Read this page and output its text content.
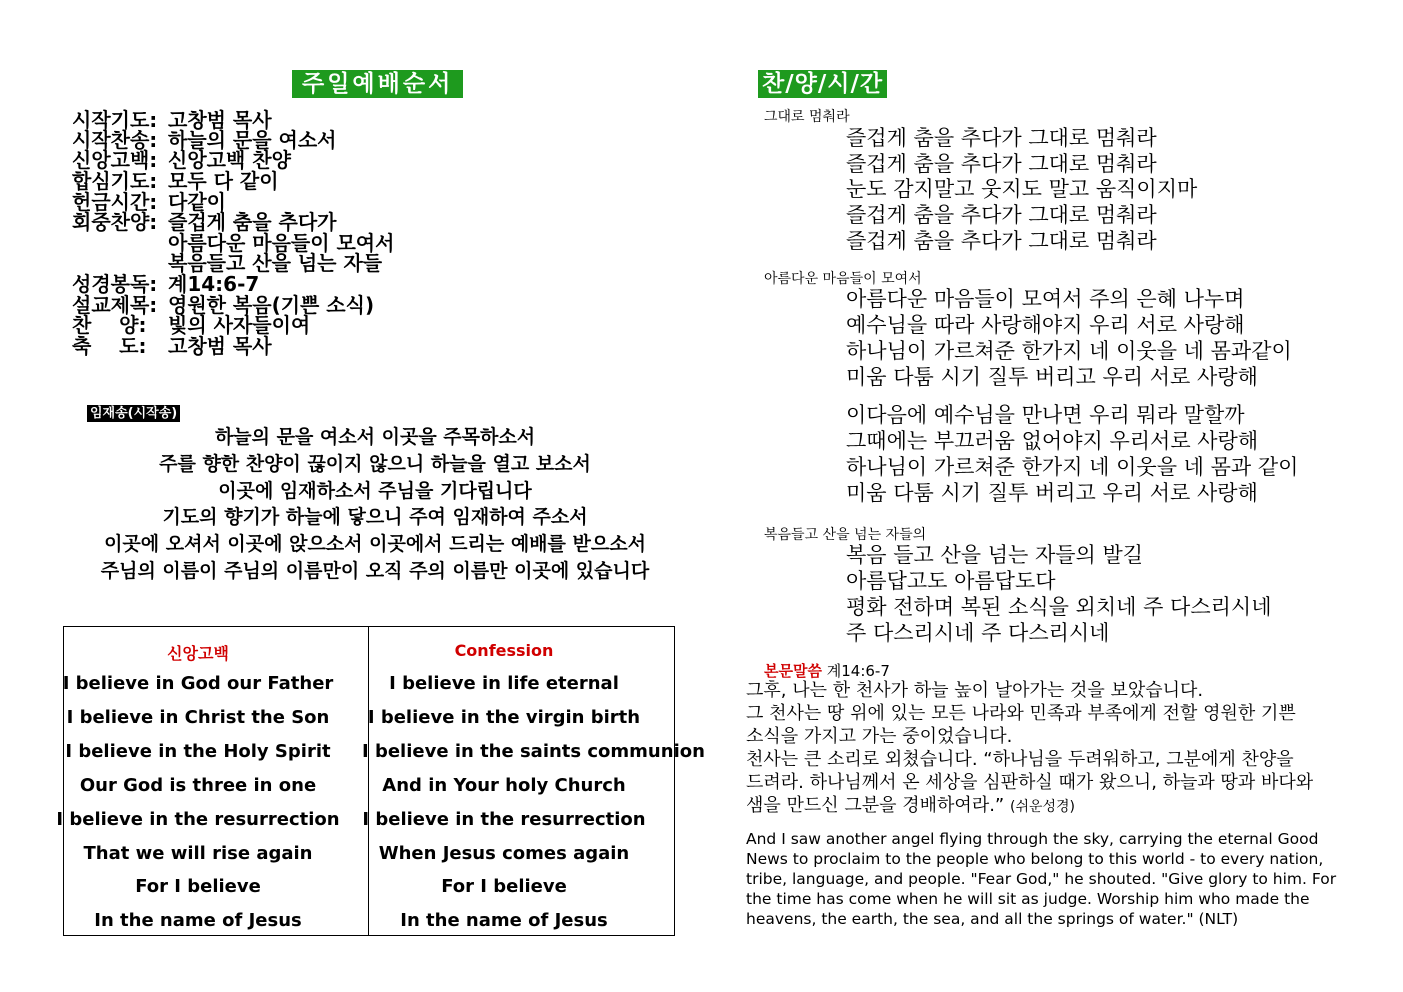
주일예배순서
시작기도: 고창범 목사
시작찬송: 하늘의 문을 여소서
신앙고백: 신앙고백 찬양
합심기도: 모두 다 같이
헌금시간: 다같이
회중찬양: 즐겁게 춤을 추다가
아름다운 마음들이 모여서
복음들고 산을 넘는 자들
성경봉독: 계14:6-7
설교제목: 영원한 복음(기쁜 소식)
찬    양: 빛의 사자들이여
축    도: 고창범 목사
임재송(시작송)
하늘의 문을 여소서 이곳을 주목하소서
주를 향한 찬양이 끊이지 않으니 하늘을 열고 보소서
이곳에 임재하소서 주님을 기다립니다
기도의 향기가 하늘에 닿으니 주여 임재하여 주소서
이곳에 오셔서 이곳에 앉으소서 이곳에서 드리는 예배를 받으소서
주님의 이름이 주님의 이름만이 오직 주의 이름만 이곳에 있습니다
신앙고백	Confession
I believe in God our Father
I believe in Christ the Son
I believe in the Holy Spirit
Our God is three in one
I believe in the resurrection
That we will rise again
For I believe
In the name of Jesus
I believe in life eternal
I believe in the virgin birth
I believe in the saints communion
And in Your holy Church
I believe in the resurrection
When Jesus comes again
For I believe
In the name of Jesus
찬/양/시/간
그대로 멈춰라
즐겁게 춤을 추다가 그대로 멈춰라
즐겁게 춤을 추다가 그대로 멈춰라
눈도 감지말고 웃지도 말고 움직이지마
즐겁게 춤을 추다가 그대로 멈춰라
즐겁게 춤을 추다가 그대로 멈춰라
아름다운 마음들이 모여서
아름다운 마음들이 모여서 주의 은혜 나누며
예수님을 따라 사랑해야지 우리 서로 사랑해
하나님이 가르쳐준 한가지 네 이웃을 네 몸과같이
미움 다툼 시기 질투 버리고 우리 서로 사랑해
이다음에 예수님을 만나면 우리 뭐라 말할까
그때에는 부끄러움 없어야지 우리서로 사랑해
하나님이 가르쳐준 한가지 네 이웃을 네 몸과 같이
미움 다툼 시기 질투 버리고 우리 서로 사랑해
복음들고 산을 넘는 자들의
복음 들고 산을 넘는 자들의 발길
아름답고도 아름답도다
평화 전하며 복된 소식을 외치네 주 다스리시네
주 다스리시네 주 다스리시네
본문말씀 계14:6-7
그후, 나는 한 천사가 하늘 높이 날아가는 것을 보았습니다.
그 천사는 땅 위에 있는 모든 나라와 민족과 부족에게 전할 영원한 기쁜
소식을 가지고 가는 중이었습니다.
천사는 큰 소리로 외쳤습니다. “하나님을 두려워하고, 그분에게 찬양을
드려라. 하나님께서 온 세상을 심판하실 때가 왔으니, 하늘과 땅과 바다와
샘을 만드신 그분을 경배하여라.” (쉬운성경)
And I saw another angel flying through the sky, carrying the eternal Good
News to proclaim to the people who belong to this world - to every nation,
tribe, language, and people. "Fear God," he shouted. "Give glory to him. For
the time has come when he will sit as judge. Worship him who made the
heavens, the earth, the sea, and all the springs of water." (NLT)
